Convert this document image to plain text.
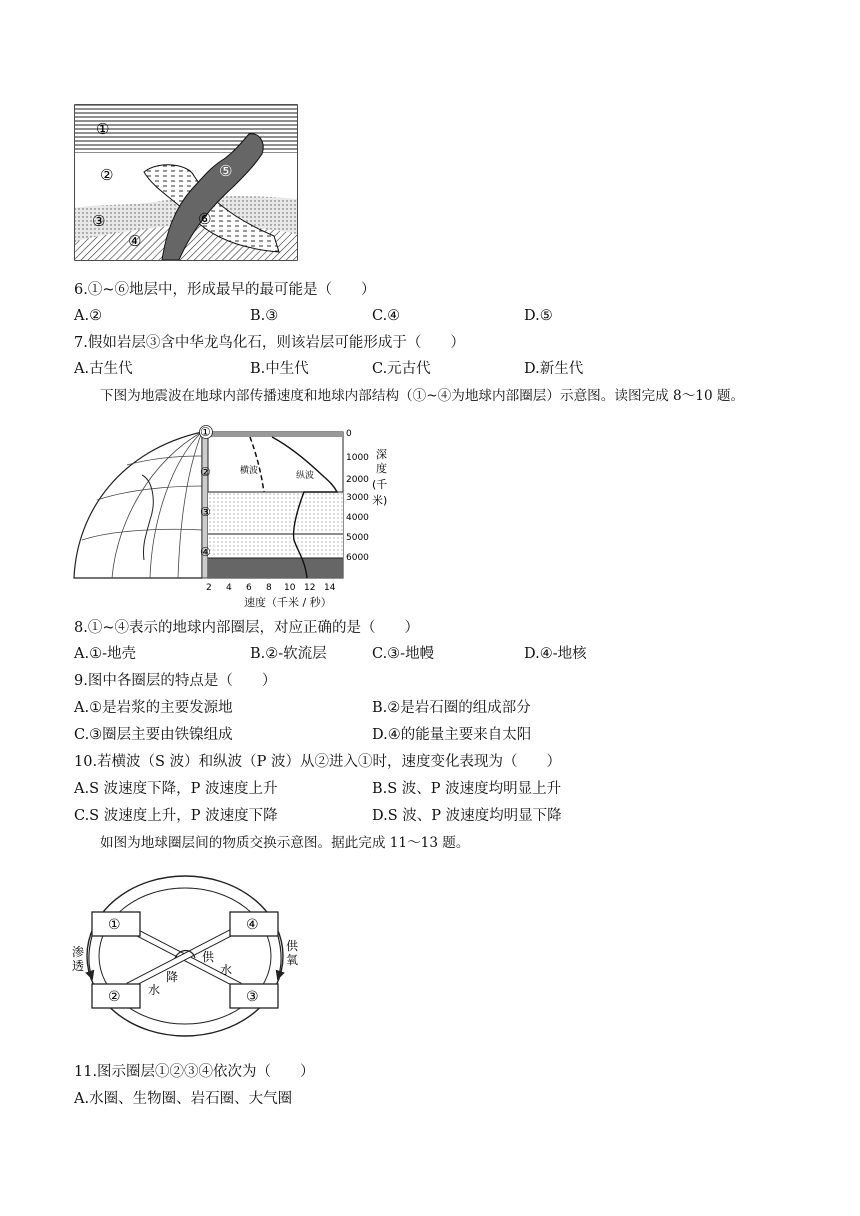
①
②
③
④
⑤
⑥
6.①~⑥地层中，形成最早的最可能是（　　）
A.②	B.③	C.④	D.⑤
7.假如岩层③含中华龙鸟化石，则该岩层可能形成于（　　）
A.古生代	B.中生代	C.元古代	D.新生代
下图为地震波在地球内部传播速度和地球内部结构（①~④为地球内部圈层）示意图。读图完成 8～10 题。
横波	纵波
①
②
③
④
0
1000
2000
3000
4000
5000
6000
深
度
(千
米)
2 4 6 8 10 12 14
速度（千米 / 秒）
8.①~④表示的地球内部圈层，对应正确的是（　　）
A.①-地壳	B.②-软流层	C.③-地幔	D.④-地核
9.图中各圈层的特点是（　　）
A.①是岩浆的主要发源地	B.②是岩石圈的组成部分
C.③圈层主要由铁镍组成	D.④的能量主要来自太阳
10.若横波（S 波）和纵波（P 波）从②进入①时，速度变化表现为（　　）
A.S 波速度下降，P 波速度上升	B.S 波、P 波速度均明显上升
C.S 波速度上升，P 波速度下降	D.S 波、P 波速度均明显下降
如图为地球圈层间的物质交换示意图。据此完成 11～13 题。
①	④
②	③
渗
透
供
氧
供
水
降
水
11.图示圈层①②③④依次为（　　）
A.水圈、生物圈、岩石圈、大气圈
